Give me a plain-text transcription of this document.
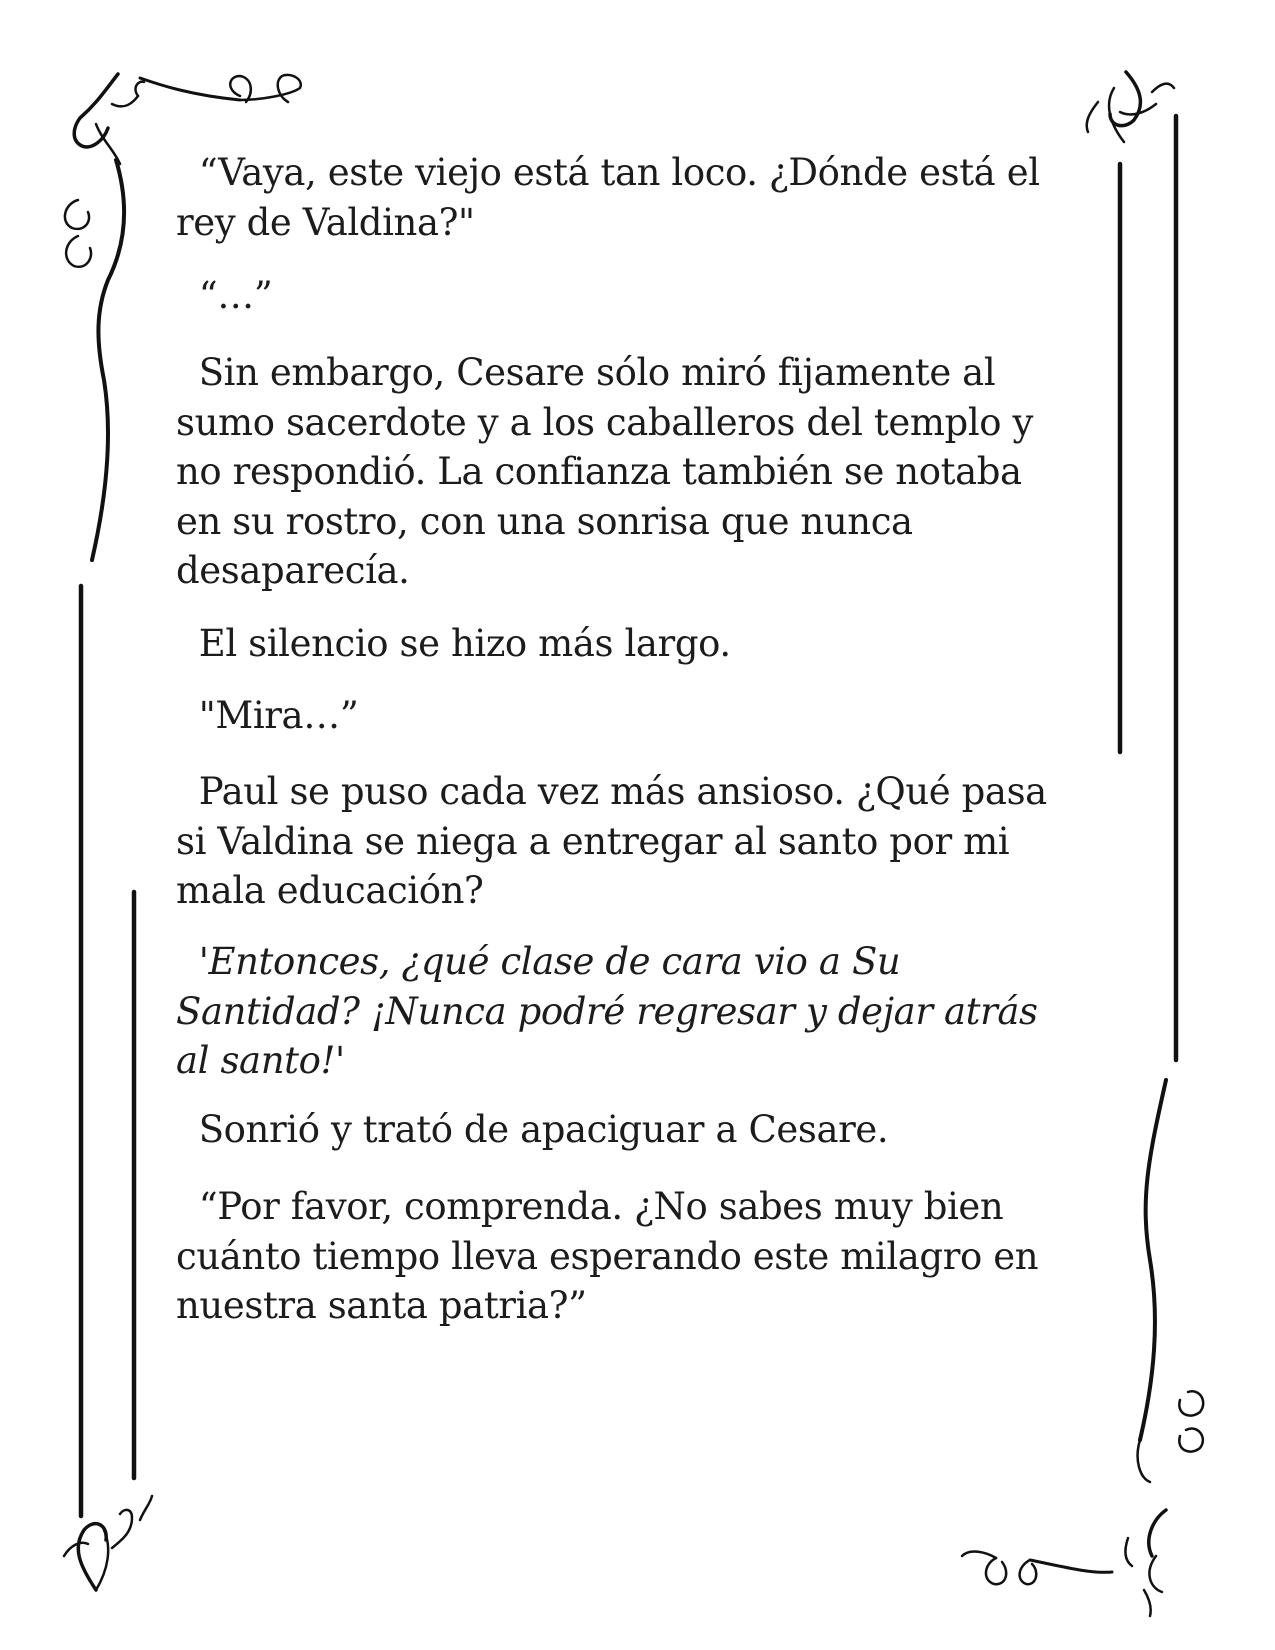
“Vaya, este viejo está tan loco. ¿Dónde está el
rey de Valdina?"

“…”

Sin embargo, Cesare sólo miró fijamente al
sumo sacerdote y a los caballeros del templo y
no respondió. La confianza también se notaba
en su rostro, con una sonrisa que nunca
desaparecía.

El silencio se hizo más largo.

"Mira…”

Paul se puso cada vez más ansioso. ¿Qué pasa
si Valdina se niega a entregar al santo por mi
mala educación?

'Entonces, ¿qué clase de cara vio a Su
Santidad? ¡Nunca podré regresar y dejar atrás
al santo!'

Sonrió y trató de apaciguar a Cesare.

“Por favor, comprenda. ¿No sabes muy bien
cuánto tiempo lleva esperando este milagro en
nuestra santa patria?”
